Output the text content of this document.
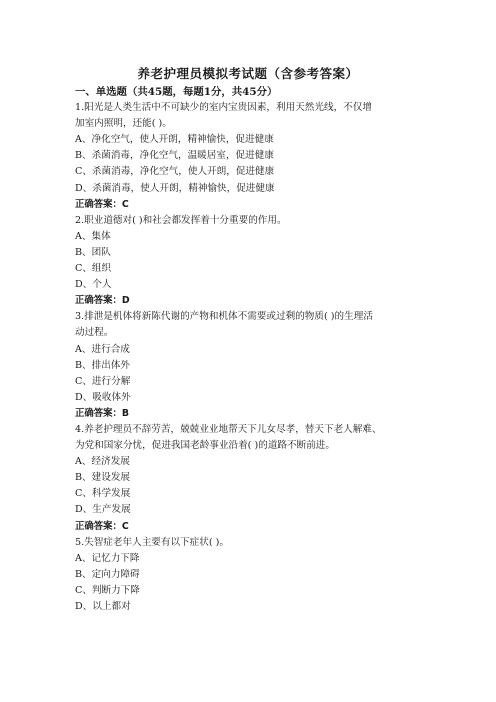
养老护理员模拟考试题（含参考答案）
一、单选题（共45题，每题1分，共45分）
1.阳光是人类生活中不可缺少的室内宝贵因素，利用天然光线，不仅增
加室内照明，还能( )。
A、净化空气，使人开朗，精神愉快，促进健康
B、杀菌消毒，净化空气，温暖居室，促进健康
C、杀菌消毒，净化空气，使人开朗，促进健康
D、杀菌消毒，使人开朗，精神愉快，促进健康
正确答案：C
2.职业道德对( )和社会都发挥着十分重要的作用。
A、集体
B、团队
C、组织
D、个人
正确答案：D
3.排泄是机体将新陈代谢的产物和机体不需要或过剩的物质( )的生理活
动过程。
A、进行合成
B、排出体外
C、进行分解
D、吸收体外
正确答案：B
4.养老护理员不辞劳苦，兢兢业业地帮天下儿女尽孝，替天下老人解难、
为党和国家分忧，促进我国老龄事业沿着( )的道路不断前进。
A、经济发展
B、建设发展
C、科学发展
D、生产发展
正确答案：C
5.失智症老年人主要有以下症状( )。
A、记忆力下降
B、定向力障碍
C、判断力下降
D、以上都对
